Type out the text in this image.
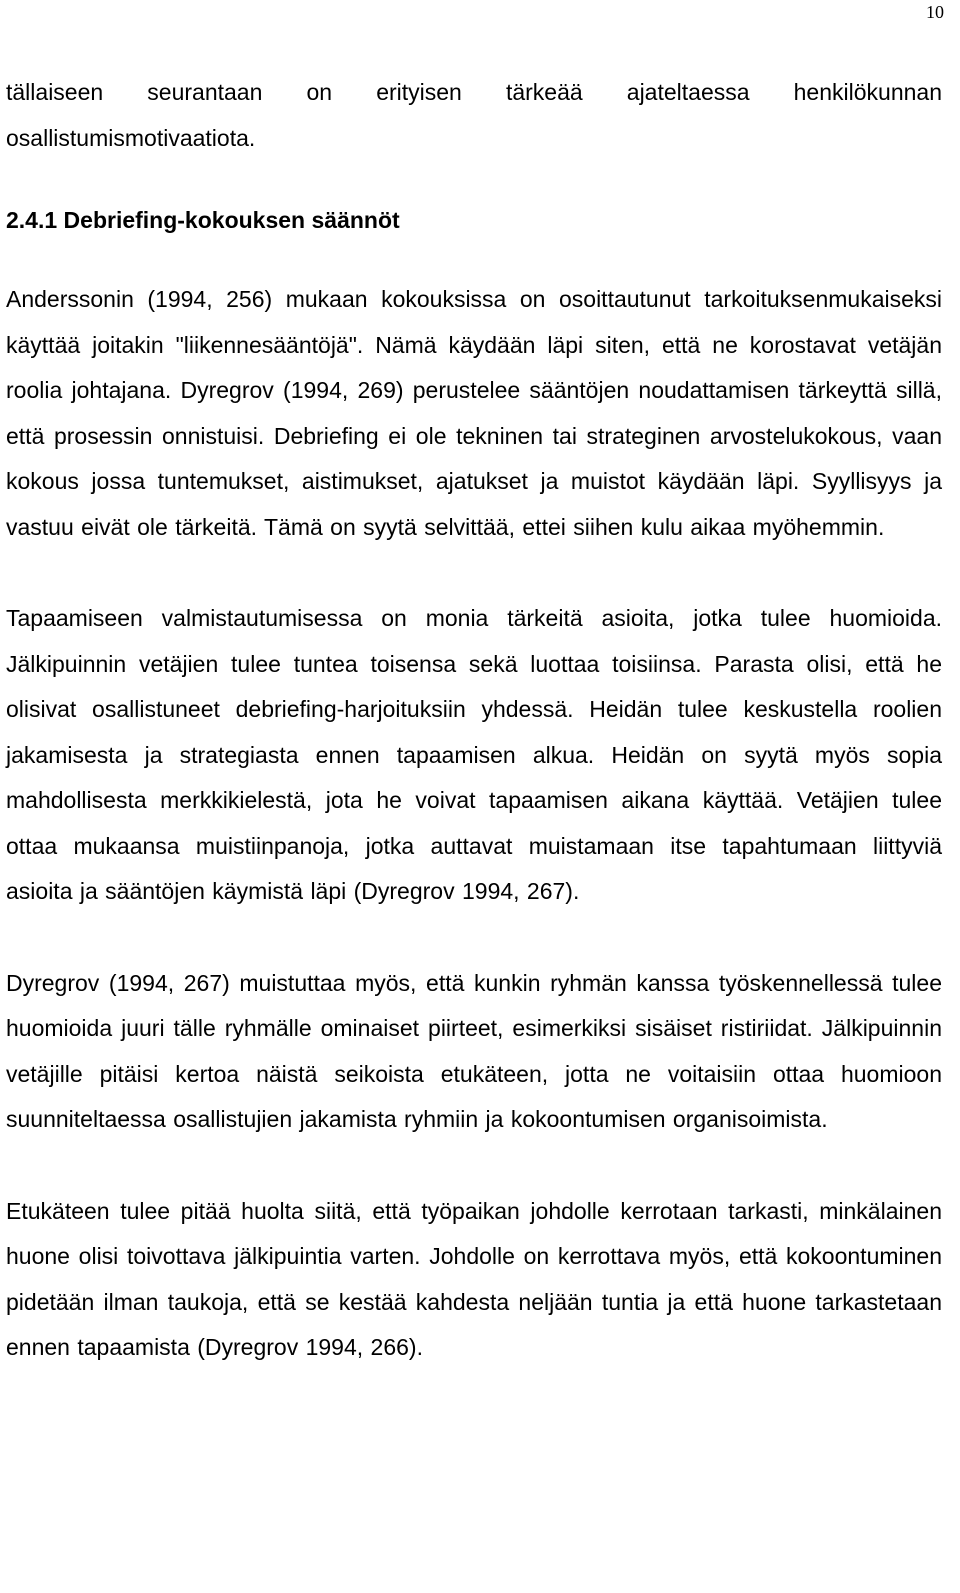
10

tällaiseen seurantaan on erityisen tärkeää ajateltaessa henkilökunnan osallistumismotivaatiota.

2.4.1 Debriefing-kokouksen säännöt

Anderssonin (1994, 256) mukaan kokouksissa on osoittautunut tarkoituksenmukaiseksi käyttää joitakin "liikennesääntöjä". Nämä käydään läpi siten, että ne korostavat vetäjän roolia johtajana. Dyregrov (1994, 269) perustelee sääntöjen noudattamisen tärkeyttä sillä, että prosessin onnistuisi. Debriefing ei ole tekninen tai strateginen arvostelukokous, vaan kokous jossa tuntemukset, aistimukset, ajatukset ja muistot käydään läpi. Syyllisyys ja vastuu eivät ole tärkeitä. Tämä on syytä selvittää, ettei siihen kulu aikaa myöhemmin.

Tapaamiseen valmistautumisessa on monia tärkeitä asioita, jotka tulee huomioida. Jälkipuinnin vetäjien tulee tuntea toisensa sekä luottaa toisiinsa. Parasta olisi, että he olisivat osallistuneet debriefing-harjoituksiin yhdessä. Heidän tulee keskustella roolien jakamisesta ja strategiasta ennen tapaamisen alkua. Heidän on syytä myös sopia mahdollisesta merkkikielestä, jota he voivat tapaamisen aikana käyttää. Vetäjien tulee ottaa mukaansa muistiinpanoja, jotka auttavat muistamaan itse tapahtumaan liittyviä asioita ja sääntöjen käymistä läpi (Dyregrov 1994, 267).

Dyregrov (1994, 267) muistuttaa myös, että kunkin ryhmän kanssa työskennellessä tulee huomioida juuri tälle ryhmälle ominaiset piirteet, esimerkiksi sisäiset ristiriidat. Jälkipuinnin vetäjille pitäisi kertoa näistä seikoista etukäteen, jotta ne voitaisiin ottaa huomioon suunniteltaessa osallistujien jakamista ryhmiin ja kokoontumisen organisoimista.

Etukäteen tulee pitää huolta siitä, että työpaikan johdolle kerrotaan tarkasti, minkälainen huone olisi toivottava jälkipuintia varten. Johdolle on kerrottava myös, että kokoontuminen pidetään ilman taukoja, että se kestää kahdesta neljään tuntia ja että huone tarkastetaan ennen tapaamista (Dyregrov 1994, 266).
